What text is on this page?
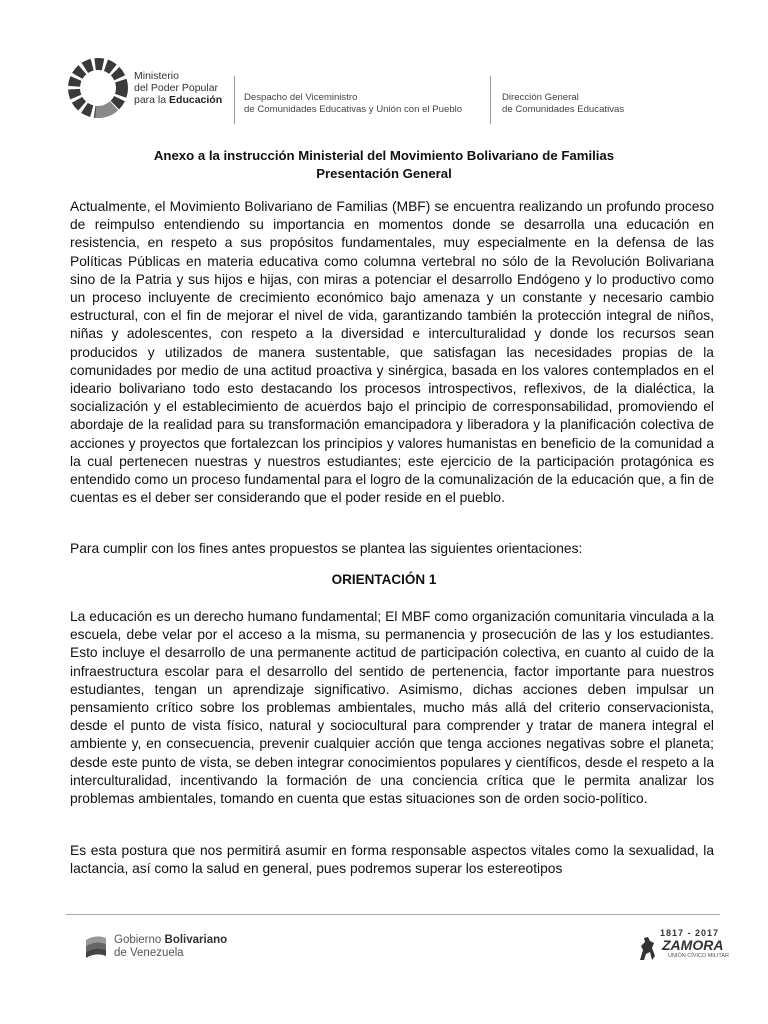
Ministerio
del Poder Popular
para la Educación Despacho del Viceministro
de Comunidades Educativas y Unión con el Pueblo
Dirección General
de Comunidades Educativas
Anexo a la instrucción Ministerial del Movimiento Bolivariano de Familias
Presentación General
Actualmente, el Movimiento Bolivariano de Familias (MBF) se encuentra realizando un profundo proceso de reimpulso entendiendo su importancia en momentos donde se desarrolla una educación en resistencia, en respeto a sus propósitos fundamentales, muy especialmente en la defensa de las Políticas Públicas en materia educativa como columna vertebral no sólo de la Revolución Bolivariana sino de la Patria y sus hijos e hijas, con miras a potenciar el desarrollo Endógeno y lo productivo como un proceso incluyente de crecimiento económico bajo amenaza y un constante y necesario cambio estructural, con el fin de mejorar el nivel de vida, garantizando también la protección integral de niños, niñas y adolescentes, con respeto a la diversidad e interculturalidad y donde los recursos sean producidos y utilizados de manera sustentable, que satisfagan las necesidades propias de la comunidades por medio de una actitud proactiva y sinérgica, basada en los valores contemplados en el ideario bolivariano todo esto destacando los procesos introspectivos, reflexivos, de la dialéctica, la socialización y el establecimiento de acuerdos bajo el principio de corresponsabilidad, promoviendo el abordaje de la realidad para su transformación emancipadora y liberadora y la planificación colectiva de acciones y proyectos que fortalezcan los principios y valores humanistas en beneficio de la comunidad a la cual pertenecen nuestras y nuestros estudiantes; este ejercicio de la participación protagónica es entendido como un proceso fundamental para el logro de la comunalización de la educación que, a fin de cuentas es el deber ser considerando que el poder reside en el pueblo.
Para cumplir con los fines antes propuestos se plantea las siguientes orientaciones:
ORIENTACIÓN 1
La educación es un derecho humano fundamental; El MBF como organización comunitaria vinculada a la escuela, debe velar por el acceso a la misma, su permanencia y prosecución de las y los estudiantes. Esto incluye el desarrollo de una permanente actitud de participación colectiva, en cuanto al cuido de la infraestructura escolar para el desarrollo del sentido de pertenencia, factor importante para nuestros estudiantes, tengan un aprendizaje significativo. Asimismo, dichas acciones deben impulsar un pensamiento crítico sobre los problemas ambientales, mucho más allá del criterio conservacionista, desde el punto de vista físico, natural y sociocultural para comprender y tratar de manera integral el ambiente y, en consecuencia, prevenir cualquier acción que tenga acciones negativas sobre el planeta; desde este punto de vista, se deben integrar conocimientos populares y científicos, desde el respeto a la interculturalidad, incentivando la formación de una conciencia crítica que le permita analizar los problemas ambientales, tomando en cuenta que estas situaciones son de orden socio-político.
Es esta postura que nos permitirá asumir en forma responsable aspectos vitales como la sexualidad, la lactancia, así como la salud en general, pues podremos superar los estereotipos
Gobierno Bolivariano
de Venezuela
1817 - 2017
ZAMORA
UNIÓN CÍVICO MILITAR
